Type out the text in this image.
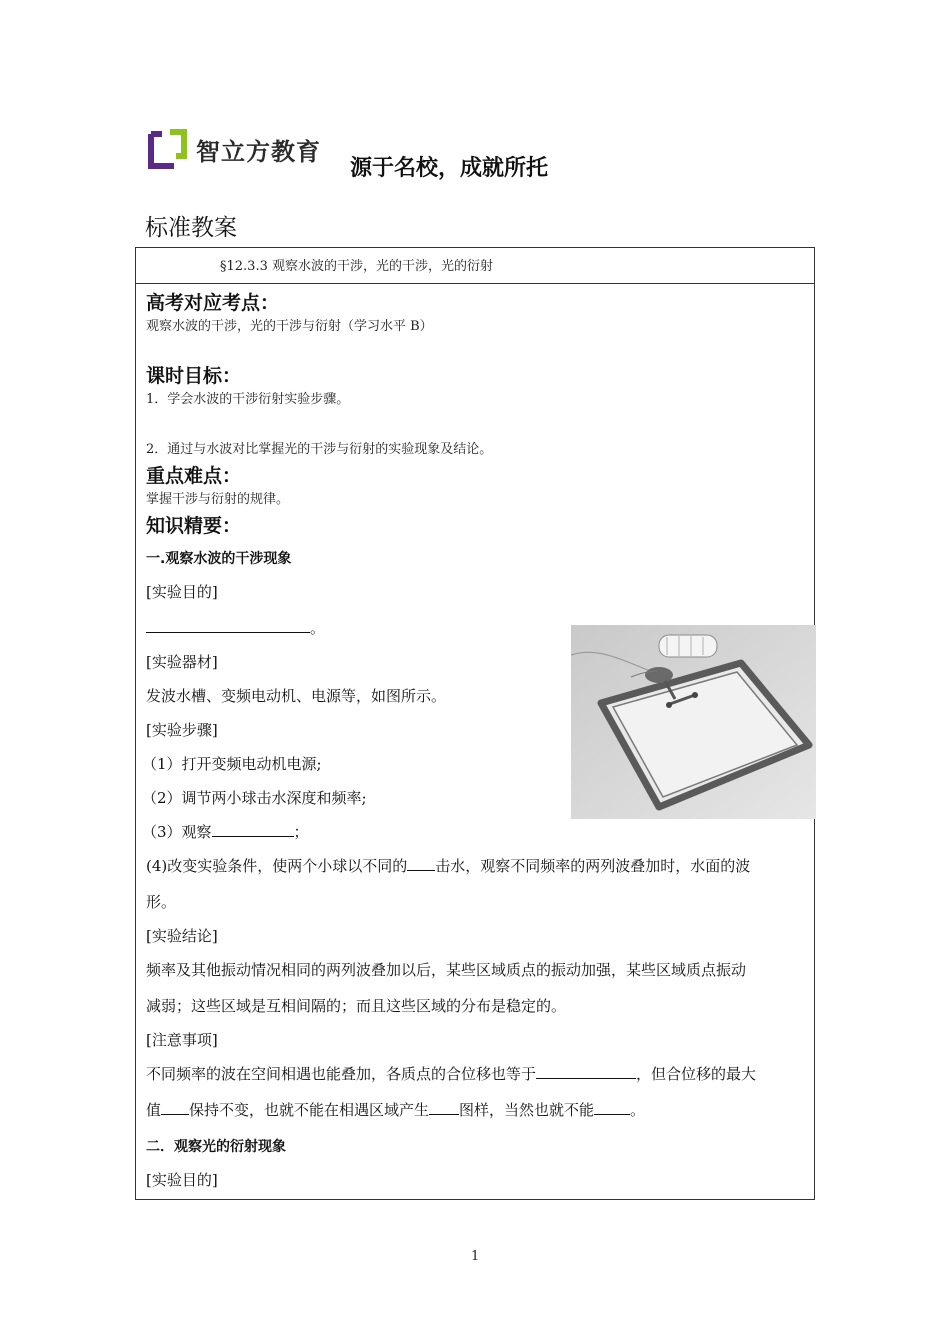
智立方教育
源于名校，成就所托
标准教案
§12.3.3 观察水波的干涉，光的干涉，光的衍射
高考对应考点：
观察水波的干涉，光的干涉与衍射（学习水平 B）
课时目标：
1．学会水波的干涉衍射实验步骤。
2．通过与水波对比掌握光的干涉与衍射的实验现象及结论。
重点难点：
掌握干涉与衍射的规律。
知识精要：
一.观察水波的干涉现象
[实验目的]
。
[实验器材]
发波水槽、变频电动机、电源等，如图所示。
[实验步骤]
（1）打开变频电动机电源;
（2）调节两小球击水深度和频率;
（3）观察	；
(4)改变实验条件，使两个小球以不同的 击水，观察不同频率的两列波叠加时，水面的波
形。
[实验结论]
频率及其他振动情况相同的两列波叠加以后，某些区域质点的振动加强，某些区域质点振动
减弱；这些区域是互相间隔的；而且这些区域的分布是稳定的。
[注意事项]
不同频率的波在空间相遇也能叠加，各质点的合位移也等于	，但合位移的最大
值 保持不变，也就不能在相遇区域产生 图样，当然也就不能 。
二．观察光的衍射现象
[实验目的]
1
